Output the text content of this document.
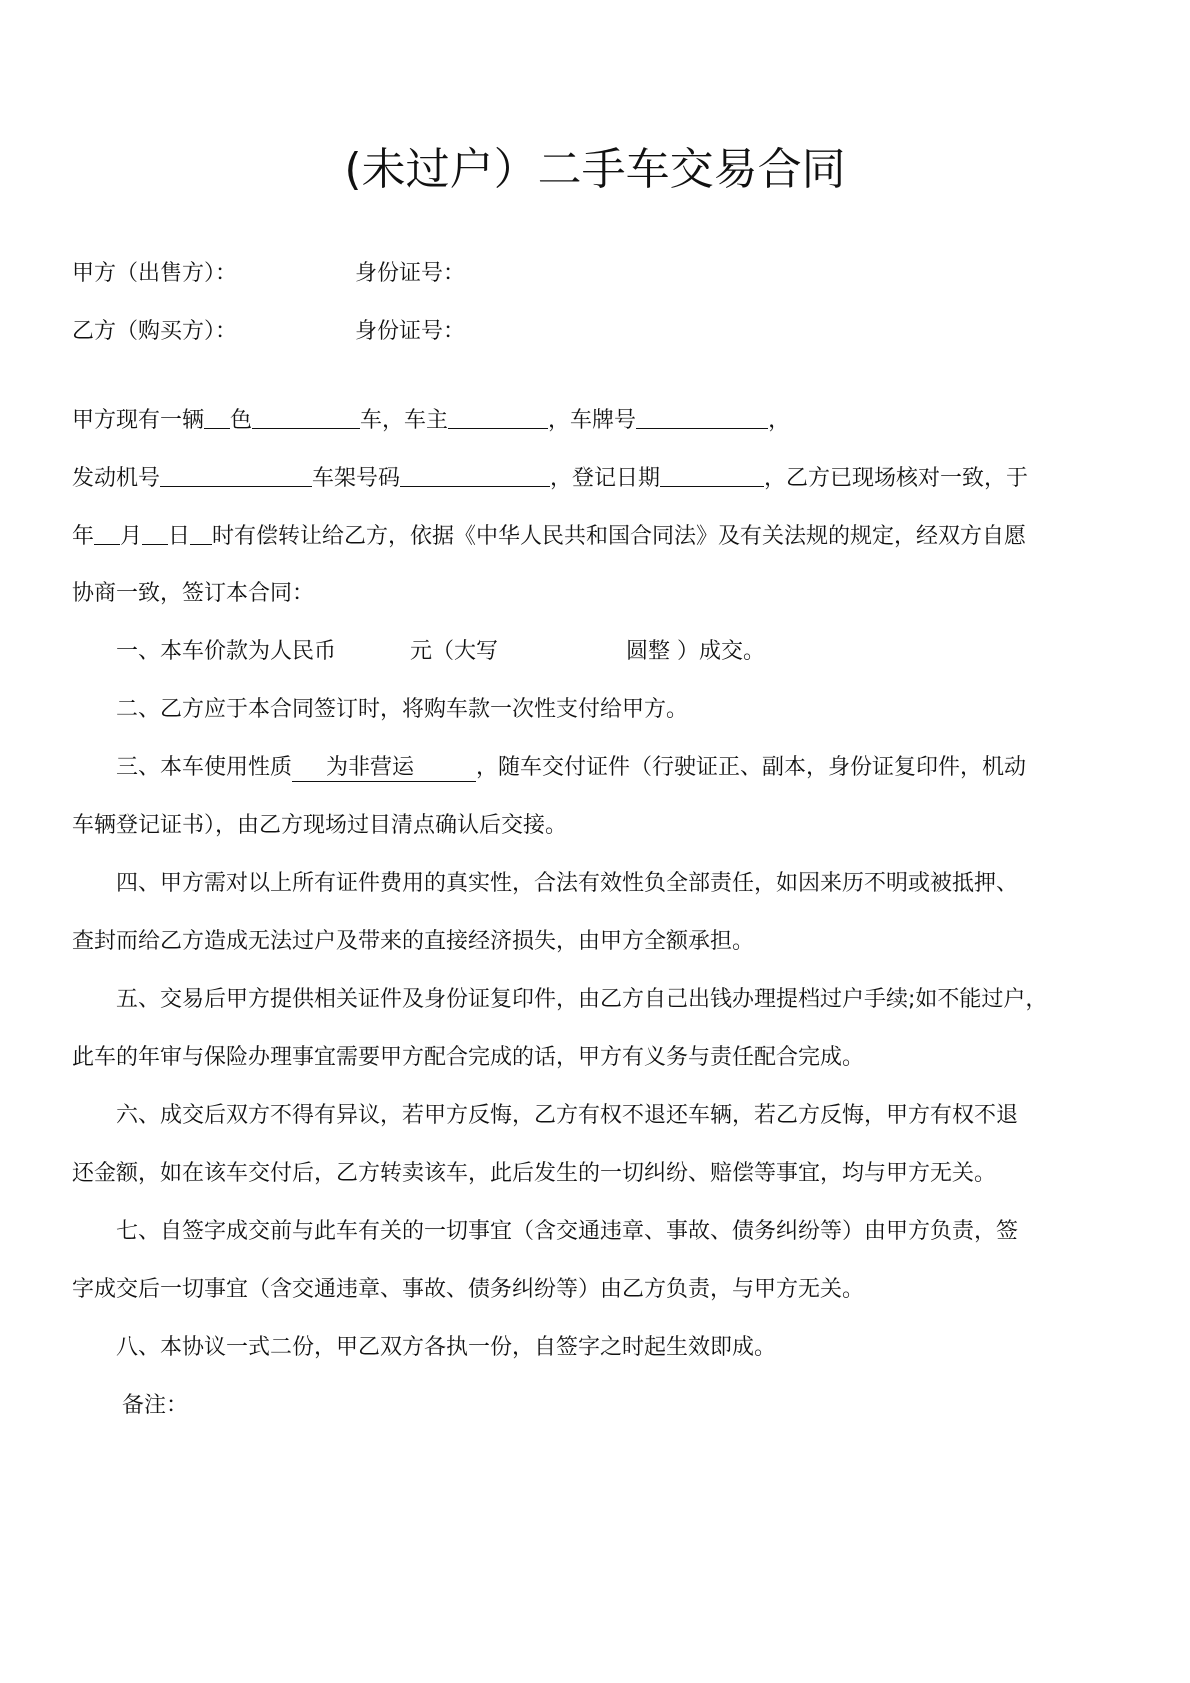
(未过户）二手车交易合同
甲方（出售方）：	身份证号：
乙方（购买方）：	身份证号：
甲方现有一辆 色	车，车主	，车牌号	，
发动机号	车架号码	，登记日期	，乙方已现场核对一致，于
年 月 日 时有偿转让给乙方，依据《中华人民共和国合同法》及有关法规的规定，经双方自愿
协商一致，签订本合同：
一、本车价款为人民币	元（大写	圆整 ）成交。
二、乙方应于本合同签订时，将购车款一次性支付给甲方。
三、本车使用性质 为非营运	，随车交付证件（行驶证正、副本，身份证复印件，机动
车辆登记证书），由乙方现场过目清点确认后交接。
四、甲方需对以上所有证件费用的真实性，合法有效性负全部责任，如因来历不明或被抵押、
查封而给乙方造成无法过户及带来的直接经济损失，由甲方全额承担。
五、交易后甲方提供相关证件及身份证复印件，由乙方自己出钱办理提档过户手续;如不能过户，
此车的年审与保险办理事宜需要甲方配合完成的话，甲方有义务与责任配合完成。
六、成交后双方不得有异议，若甲方反悔，乙方有权不退还车辆，若乙方反悔，甲方有权不退
还金额，如在该车交付后，乙方转卖该车，此后发生的一切纠纷、赔偿等事宜，均与甲方无关。
七、自签字成交前与此车有关的一切事宜（含交通违章、事故、债务纠纷等）由甲方负责，签
字成交后一切事宜（含交通违章、事故、债务纠纷等）由乙方负责，与甲方无关。
八、本协议一式二份，甲乙双方各执一份，自签字之时起生效即成。
备注：
